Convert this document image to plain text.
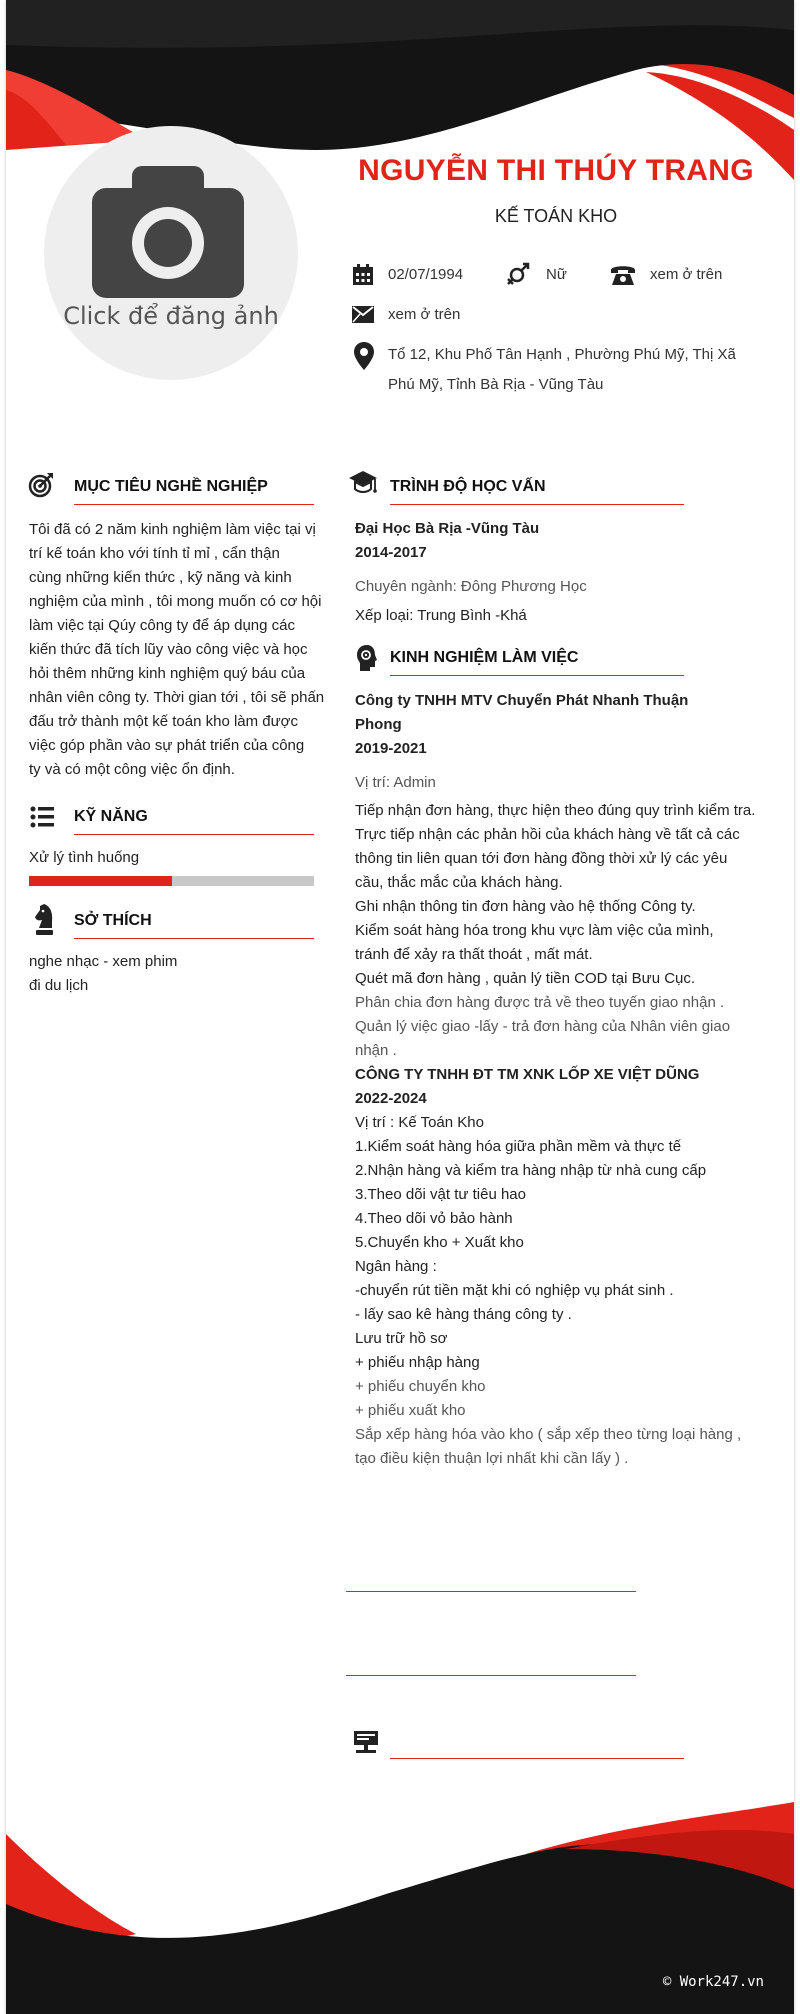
Click để đăng ảnh
NGUYỄN THI THÚY TRANG
KẾ TOÁN KHO
02/07/1994	Nữ	xem ở trên
xem ở trên
Tổ 12, Khu Phố Tân Hạnh , Phường Phú Mỹ, Thị Xã
Phú Mỹ, Tỉnh Bà Rịa - Vũng Tàu
MỤC TIÊU NGHỀ NGHIỆP
Tôi đã có 2 năm kinh nghiệm làm việc tại vị
trí kế toán kho với tính tỉ mỉ , cẩn thận
cùng những kiến thức , kỹ năng và kinh
nghiệm của mình , tôi mong muốn có cơ hội
làm việc tại Qúy công ty để áp dụng các
kiến thức đã tích lũy vào công việc và học
hỏi thêm những kinh nghiệm quý báu của
nhân viên công ty. Thời gian tới , tôi sẽ phấn
đấu trở thành một kế toán kho làm được
việc góp phần vào sự phát triển của công
ty và có một công việc ổn định.
KỸ NĂNG
Xử lý tình huống
SỞ THÍCH
nghe nhạc - xem phim
đi du lịch
TRÌNH ĐỘ HỌC VẤN
Đại Học Bà Rịa -Vũng Tàu
2014-2017
Chuyên ngành: Đông Phương Học
Xếp loại: Trung Bình -Khá
KINH NGHIỆM LÀM VIỆC
Công ty TNHH MTV Chuyển Phát Nhanh Thuận
Phong
2019-2021
Vị trí: Admin
Tiếp nhận đơn hàng, thực hiện theo đúng quy trình kiểm tra.
Trực tiếp nhận các phản hồi của khách hàng về tất cả các
thông tin liên quan tới đơn hàng đồng thời xử lý các yêu
cầu, thắc mắc của khách hàng.
Ghi nhận thông tin đơn hàng vào hệ thống Công ty.
Kiểm soát hàng hóa trong khu vực làm việc của mình,
tránh để xảy ra thất thoát , mất mát.
Quét mã đơn hàng , quản lý tiền COD tại Bưu Cục.
Phân chia đơn hàng được trả về theo tuyến giao nhận .
Quản lý việc giao -lấy - trả đơn hàng của Nhân viên giao
nhận .
CÔNG TY TNHH ĐT TM XNK LỐP XE VIỆT DŨNG
2022-2024
Vị trí : Kế Toán Kho
1.Kiểm soát hàng hóa giữa phần mềm và thực tế
2.Nhận hàng và kiểm tra hàng nhập từ nhà cung cấp
3.Theo dõi vật tư tiêu hao
4.Theo dõi vỏ bảo hành
5.Chuyển kho + Xuất kho
Ngân hàng :
-chuyển rút tiền mặt khi có nghiệp vụ phát sinh .
- lấy sao kê hàng tháng công ty .
Lưu trữ hồ sơ
+ phiếu nhập hàng
+ phiếu chuyển kho
+ phiếu xuất kho
Sắp xếp hàng hóa vào kho ( sắp xếp theo từng loại hàng ,
tạo điều kiện thuận lợi nhất khi cần lấy ) .
© Work247.vn
